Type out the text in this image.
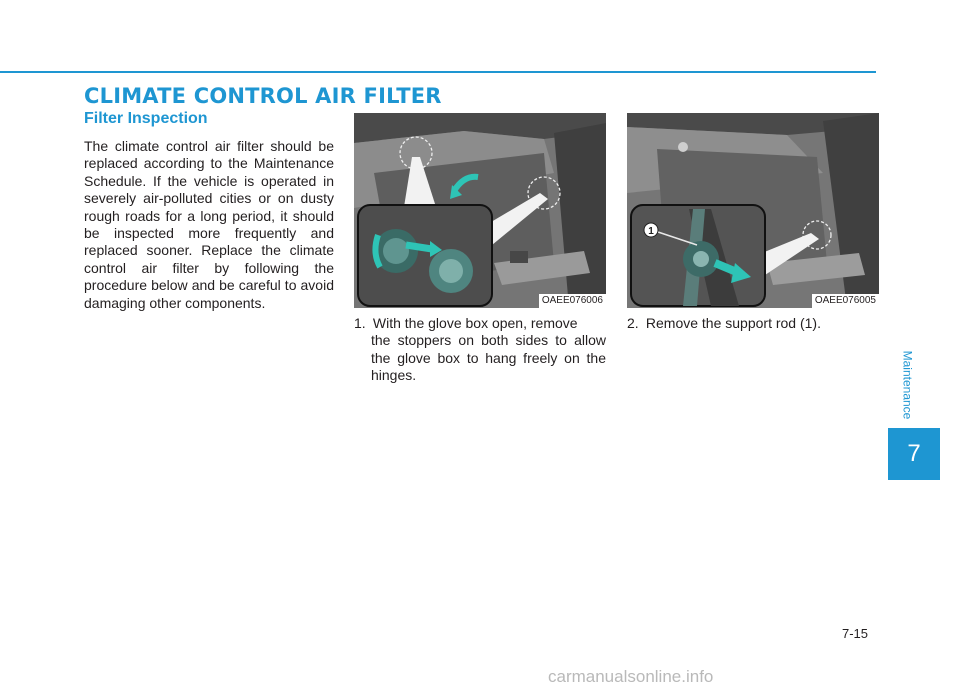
CLIMATE CONTROL AIR FILTER
Filter Inspection

The climate control air filter should be replaced according to the Maintenance Schedule. If the vehicle is operated in severely air-polluted cities or on dusty rough roads for a long period, it should be inspected more frequently and replaced sooner. Replace the climate control air filter by following the procedure below and be careful to avoid damaging other components.	OAEE076006
1
OAEE076005

1. With the glove box open, remove
the stoppers on both sides to allow the glove box to hang freely on the hinges.

2. Remove the support rod (1).

Maintenance
7
7-15
carmanualsonline.info
